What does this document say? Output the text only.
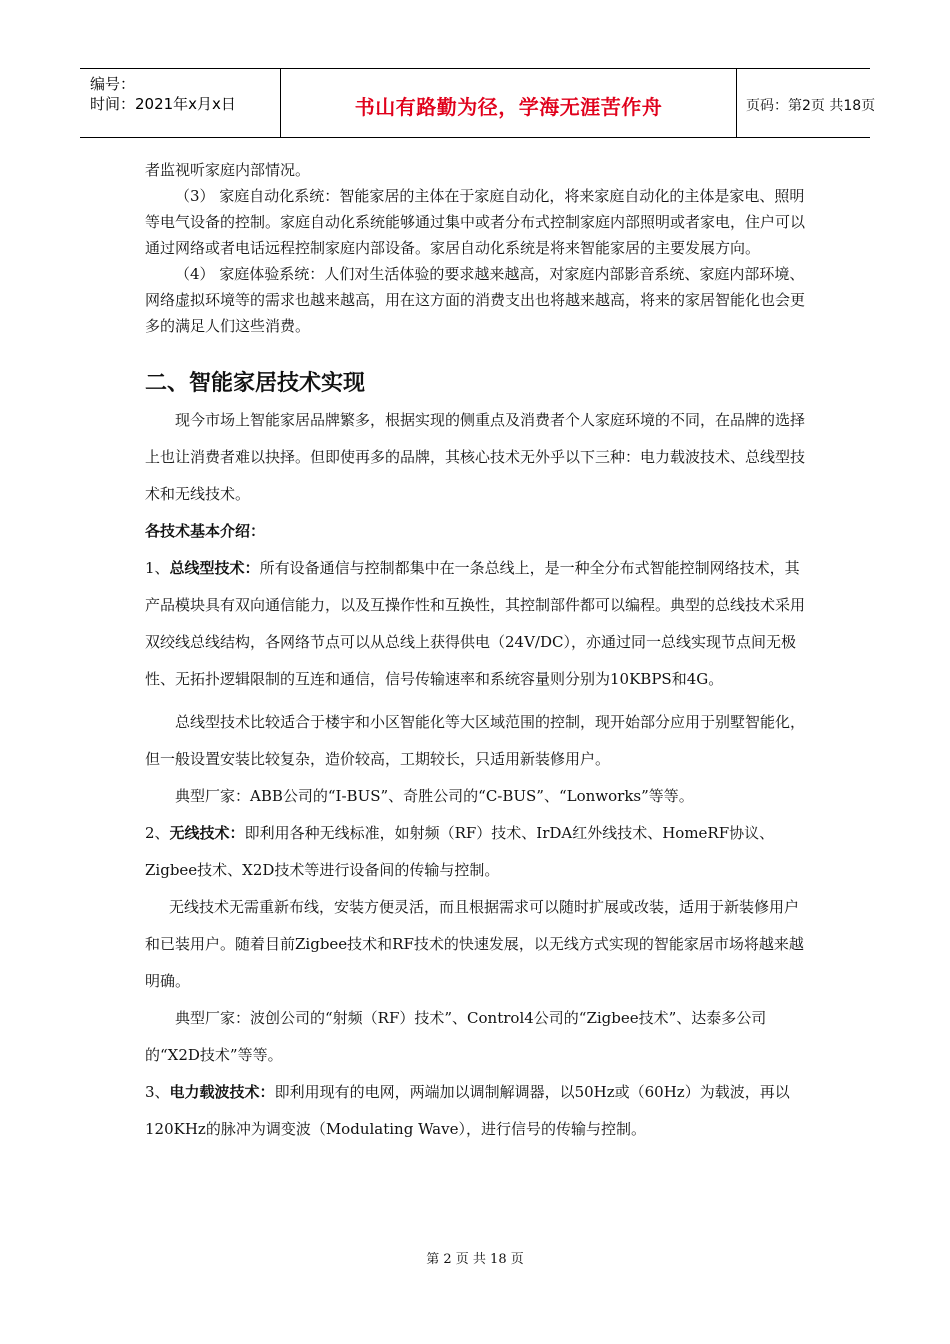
编号：
时间：2021年x月x日	书山有路勤为径，学海无涯苦作舟	页码：第2页 共18页

者监视听家庭内部情况。

（3） 家庭自动化系统：智能家居的主体在于家庭自动化，将来家庭自动化的主体是家电、照明等电气设备的控制。家庭自动化系统能够通过集中或者分布式控制家庭内部照明或者家电，住户可以通过网络或者电话远程控制家庭内部设备。家居自动化系统是将来智能家居的主要发展方向。

（4） 家庭体验系统：人们对生活体验的要求越来越高，对家庭内部影音系统、家庭内部环境、网络虚拟环境等的需求也越来越高，用在这方面的消费支出也将越来越高，将来的家居智能化也会更多的满足人们这些消费。

二、智能家居技术实现

现今市场上智能家居品牌繁多，根据实现的侧重点及消费者个人家庭环境的不同，在品牌的选择上也让消费者难以抉择。但即使再多的品牌，其核心技术无外乎以下三种：电力载波技术、总线型技术和无线技术。

各技术基本介绍：

1、总线型技术：所有设备通信与控制都集中在一条总线上，是一种全分布式智能控制网络技术，其产品模块具有双向通信能力，以及互操作性和互换性，其控制部件都可以编程。典型的总线技术采用双绞线总线结构，各网络节点可以从总线上获得供电（24V/DC），亦通过同一总线实现节点间无极性、无拓扑逻辑限制的互连和通信，信号传输速率和系统容量则分别为10KBPS和4G。

总线型技术比较适合于楼宇和小区智能化等大区域范围的控制，现开始部分应用于别墅智能化，但一般设置安装比较复杂，造价较高，工期较长，只适用新装修用户。

典型厂家：ABB公司的“I-BUS”、奇胜公司的“C-BUS”、“Lonworks”等等。

2、无线技术：即利用各种无线标准，如射频（RF）技术、IrDA红外线技术、HomeRF协议、Zigbee技术、X2D技术等进行设备间的传输与控制。

无线技术无需重新布线，安装方便灵活，而且根据需求可以随时扩展或改装，适用于新装修用户和已装用户。随着目前Zigbee技术和RF技术的快速发展，以无线方式实现的智能家居市场将越来越明确。

典型厂家：波创公司的“射频（RF）技术”、Control4公司的“Zigbee技术”、达泰多公司的“X2D技术”等等。

3、电力载波技术：即利用现有的电网，两端加以调制解调器，以50Hz或（60Hz）为载波，再以120KHz的脉冲为调变波（Modulating Wave），进行信号的传输与控制。

第 2 页 共 18 页
